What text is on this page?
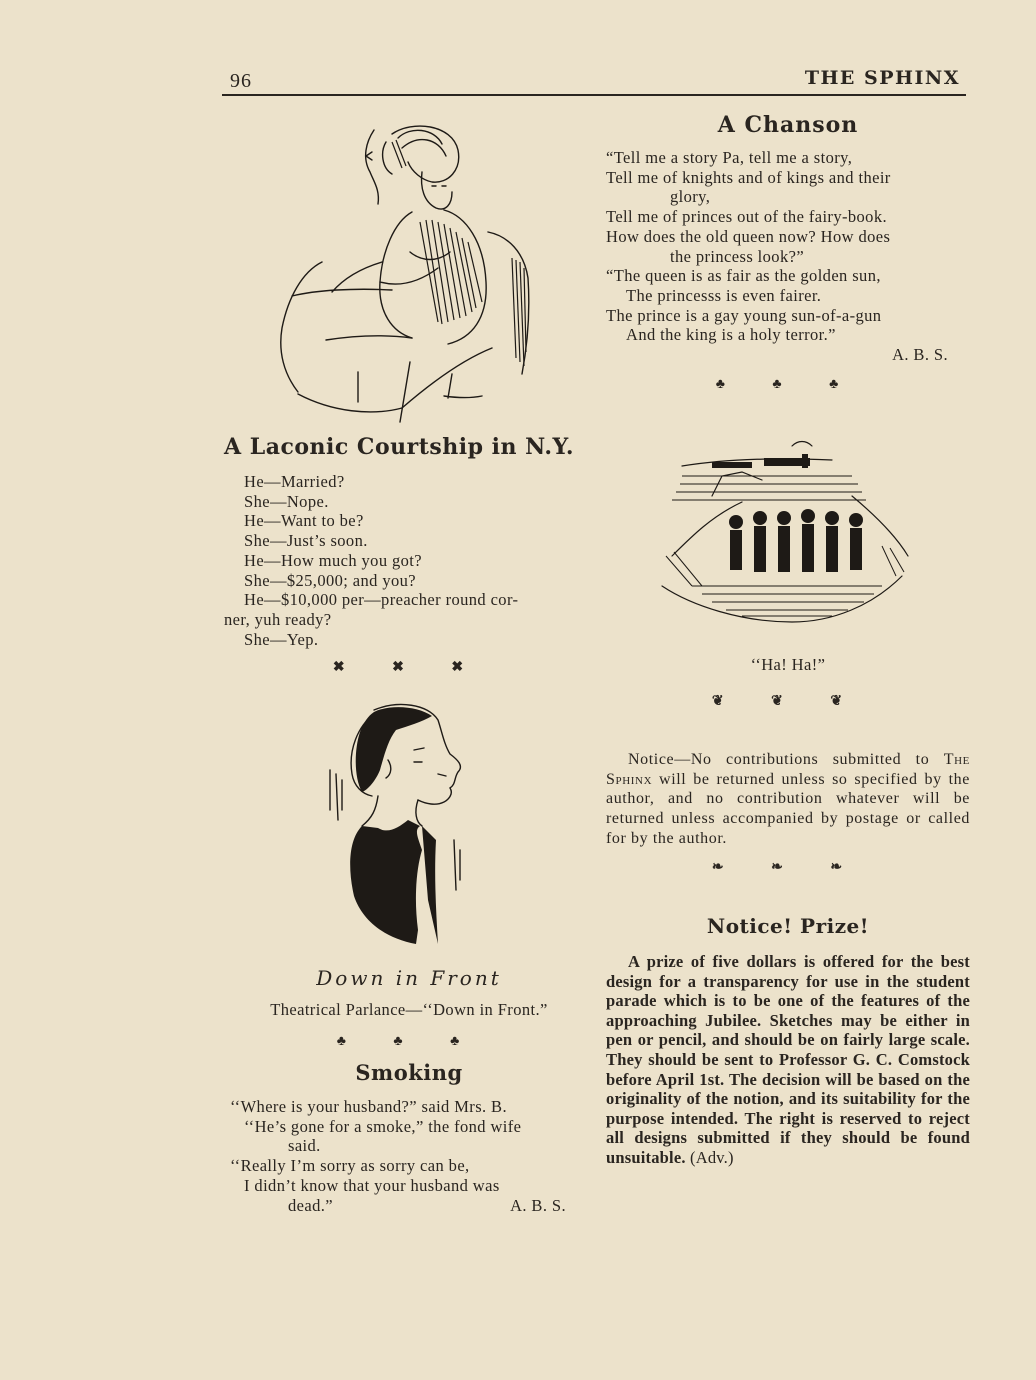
96	THE SPHINX
A Laconic Courtship in N.Y.

He—Married?

She—Nope.

He—Want to be?

She—Just’s soon.

He—How much you got?

She—$25,000; and you?

He—$10,000 per—preacher round cor-

ner, yuh ready?

She—Yep.

✖ ✖ ✖
Down in Front
Theatrical Parlance—‘‘Down in Front.”
♣ ♣ ♣
Smoking

‘‘Where is your husband?” said Mrs. B.

‘‘He’s gone for a smoke,” the fond wife

said.

‘‘Really I’m sorry as sorry can be,

I didn’t know that your husband was

dead.”	A. B. S.

A Chanson

“Tell me a story Pa, tell me a story,

Tell me of knights and of kings and their

glory,

Tell me of princes out of the fairy-book.

How does the old queen now? How does

the princess look?”

“The queen is as fair as the golden sun,

The princesss is even fairer.

The prince is a gay young sun-of-a-gun

And the king is a holy terror.”

A. B. S.

♣ ♣ ♣
‘‘Ha! Ha!”
❦ ❦ ❦
Notice—No contributions submitted to The Sphinx will be returned unless so specified by the author, and no contribution whatever will be returned unless accompanied by postage or called for by the author.
❧ ❧ ❧
Notice! Prize!
A prize of five dollars is offered for the best design for a transparency for use in the student parade which is to be one of the features of the approaching Jubilee. Sketches may be either in pen or pencil, and should be on fairly large scale. They should be sent to Professor G. C. Comstock before April 1st. The decision will be based on the originality of the notion, and its suitability for the purpose intended. The right is reserved to reject all designs submitted if they should be found unsuitable. (Adv.)
